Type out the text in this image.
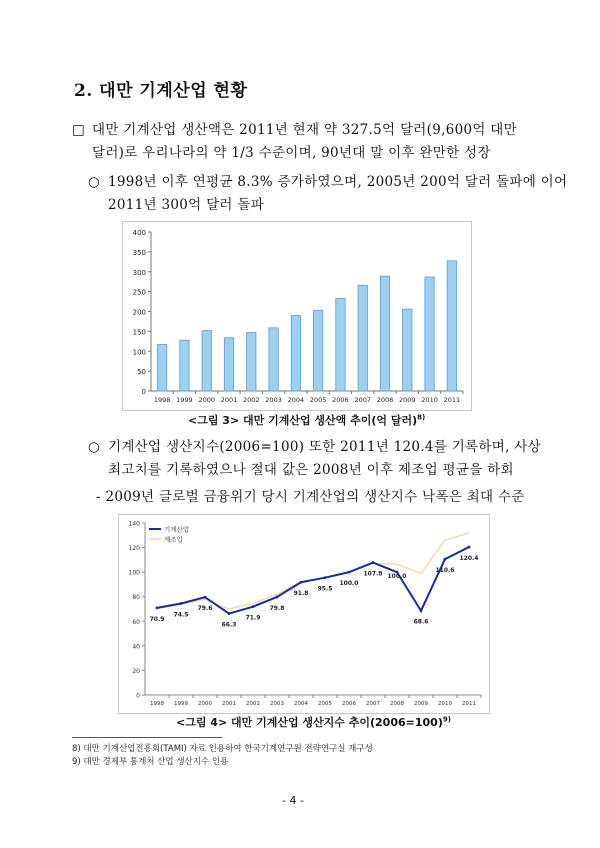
2. 대만 기계산업 현황
□ 대만 기계산업 생산액은 2011년 현재 약 327.5억 달러(9,600억 대만
달러)로 우리나라의 약 1/3 수준이며, 90년대 말 이후 완만한 성장
○ 1998년 이후 연평균 8.3% 증가하였으며, 2005년 200억 달러 돌파에 이어
2011년 300억 달러 돌파
0
50
100
150
200
250
300
350
400
1998 1999 2000 2001 2002 2003 2004 2005 2006 2007 2008 2009 2010 2011
<그림 3> 대만 기계산업 생산액 추이(억 달러)$^{8)}$
○ 기계산업 생산지수(2006=100) 또한 2011년 120.4를 기록하며, 사상
최고치를 기록하였으나 절대 값은 2008년 이후 제조업 평균을 하회
- 2009년 글로벌 금융위기 당시 기계산업의 생산지수 낙폭은 최대 수준
0
20
40
60
80
100
120
140
1998 1999 2000 2001 2002 2003 2004 2005 2006 2007 2008 2009 2010 2011
70.9
74.5
79.6
66.3
71.9
79.8
91.8
95.5
100.0
107.8 100.0
68.6
110.6
120.4
기계산업
제조업
<그림 4> 대만 기계산업 생산지수 추이(2006=100)$^{9)}$
8) 대만 기계산업진흥회(TAMI) 자료 인용하여 한국기계연구원 전략연구실 재구성
9) 대만 경제부 통계처 산업 생산지수 인용
- 4 -
